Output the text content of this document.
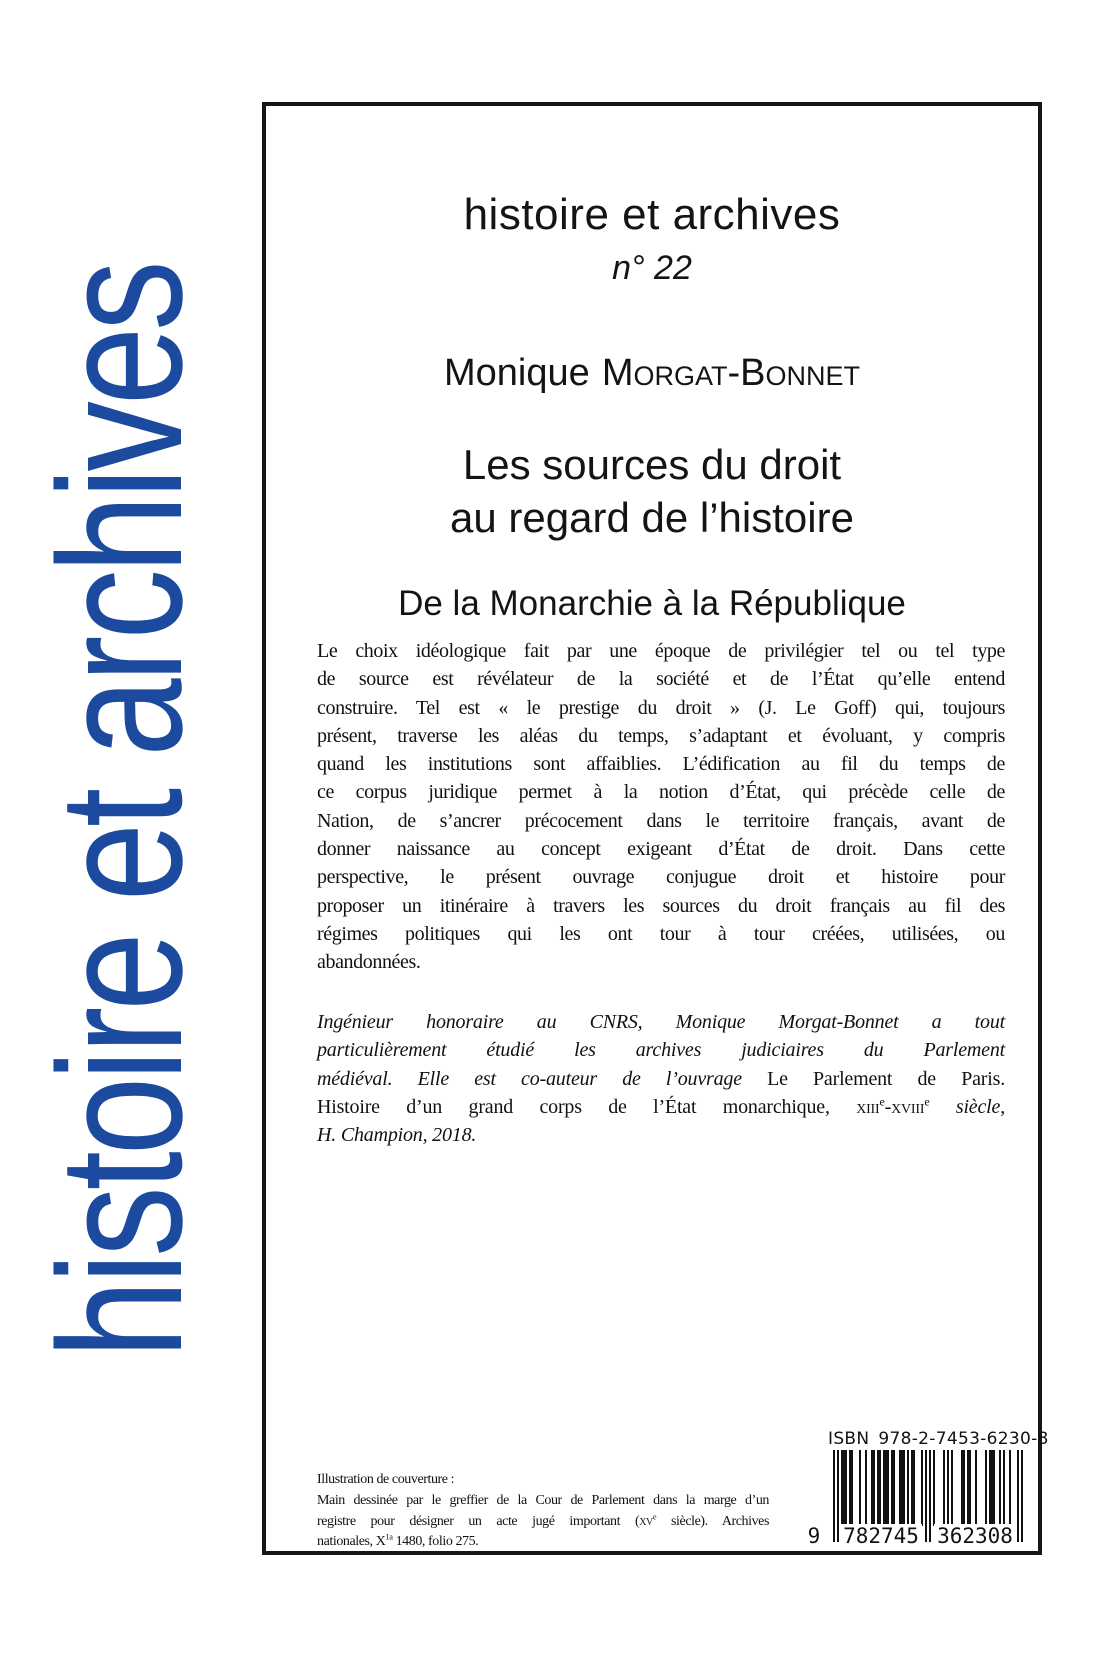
histoire et archives
histoire et archives
n° 22
Monique Morgat-Bonnet
Les sources du droit
au regard de l’histoire
De la Monarchie à la République
Le choix idéologique fait par une époque de privilégier tel ou tel type
de source est révélateur de la société et de l’État qu’elle entend
construire. Tel est « le prestige du droit » (J. Le Goff) qui, toujours
présent, traverse les aléas du temps, s’adaptant et évoluant, y compris
quand les institutions sont affaiblies. L’édification au fil du temps de
ce corpus juridique permet à la notion d’État, qui précède celle de
Nation, de s’ancrer précocement dans le territoire français, avant de
donner naissance au concept exigeant d’État de droit. Dans cette
perspective, le présent ouvrage conjugue droit et histoire pour
proposer un itinéraire à travers les sources du droit français au fil des
régimes politiques qui les ont tour à tour créées, utilisées, ou
abandonnées.
Ingénieur honoraire au CNRS, Monique Morgat-Bonnet a tout
particulièrement étudié les archives judiciaires du Parlement
médiéval. Elle est co-auteur de l’ouvrage Le Parlement de Paris.
Histoire d’un grand corps de l’État monarchique, xiii$^e$-xviii$^e$ siècle,
H. Champion, 2018.
Illustration de couverture :
Main dessinée par le greffier de la Cour de Parlement dans la marge d’un
registre pour désigner un acte jugé important ($xv^e$ siècle). Archives
nationales, $X^{1a}$ 1480, folio 275.
ISBN 978-2-7453-6230-8
9 782745 362308
